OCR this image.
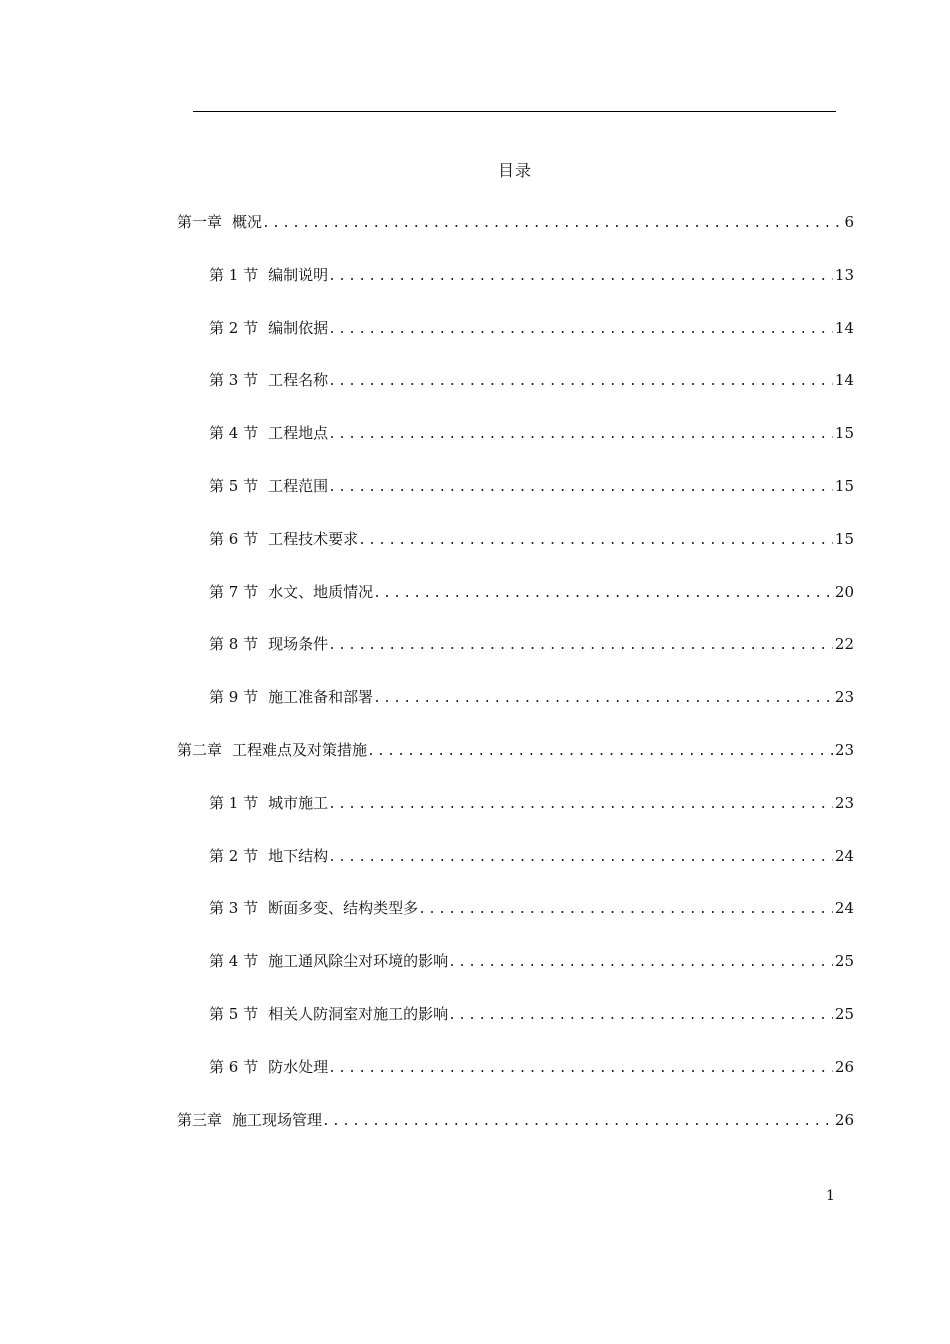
目录
第一章 概况 .....	6
第 1 节 编制说明 .....	13
第 2 节 编制依据 .....	14
第 3 节 工程名称 .....	14
第 4 节 工程地点 .....	15
第 5 节 工程范围 .....	15
第 6 节 工程技术要求 .....	15
第 7 节 水文、地质情况 .....	20
第 8 节 现场条件 .....	22
第 9 节 施工准备和部署 .....	23
第二章 工程难点及对策措施 .....	23
第 1 节 城市施工 .....	23
第 2 节 地下结构 .....	24
第 3 节 断面多变、结构类型多 .....	24
第 4 节 施工通风除尘对环境的影响 .....	25
第 5 节 相关人防洞室对施工的影响 .....	25
第 6 节 防水处理 .....	26
第三章 施工现场管理 .....	26
1
